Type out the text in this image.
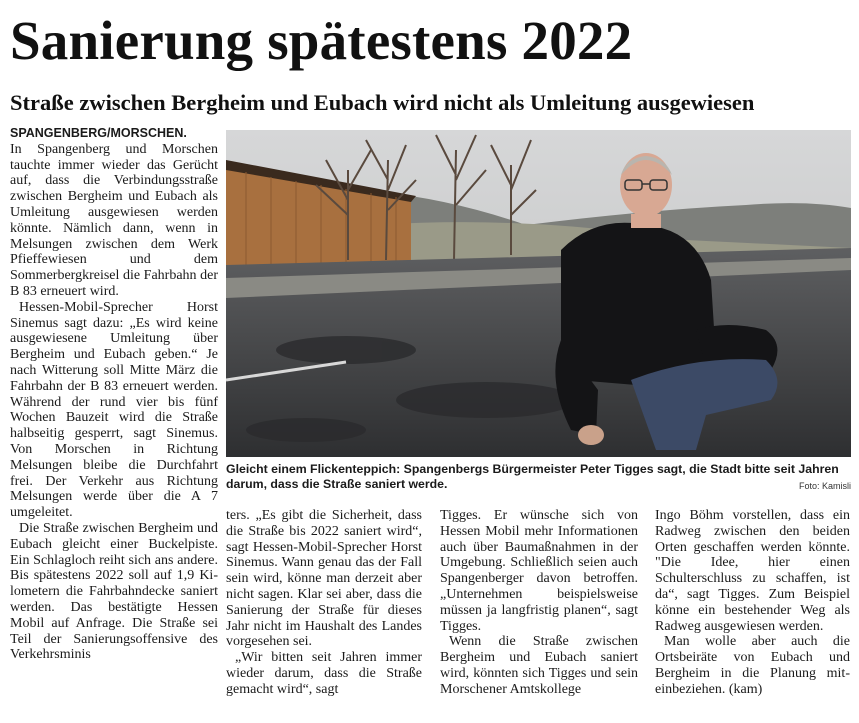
Sanierung spätestens 2022
Straße zwischen Bergheim und Eubach wird nicht als Umleitung ausgewiesen

SPANGENBERG/MORSCHEN.
In Spangenberg und Morschen tauchte immer wieder das Gerücht auf, dass die Verbindungsstraße zwischen Bergheim und Eubach als Umleitung ausgewiesen werden könnte. Nämlich dann, wenn in Melsungen zwischen dem Werk Pfieffewiesen und dem Sommerbergkreisel die Fahrbahn der B 83 erneuert wird.

Hessen-Mobil-Sprecher Horst Sinemus sagt dazu: „Es wird keine ausgewiesene Umleitung über Bergheim und Eubach geben.“ Je nach Witterung soll Mitte März die Fahrbahn der B 83 erneuert werden. Während der rund vier bis fünf Wochen Bauzeit wird die Straße halbseitig gesperrt, sagt Sinemus. Von Morschen in Richtung Melsungen bleibe die Durchfahrt frei. Der Verkehr aus Richtung Melsungen werde über die A 7 umgeleitet.

Die Straße zwischen Bergheim und Eubach gleicht einer Buckelpiste. Ein Schlagloch reiht sich ans andere. Bis spätestens 2022 soll auf 1,9 Kilometern die Fahrbahndecke saniert werden. Das bestätigte Hessen Mobil auf Anfrage. Die Straße sei Teil der Sanierungsoffensive des Verkehrsminis

Gleicht einem Flickenteppich: Spangenbergs Bürgermeister Peter Tigges sagt, die Stadt bitte seit Jahren darum, dass die Straße saniert werde.	Foto: Kamisli

ters. „Es gibt die Sicherheit, dass die Straße bis 2022 saniert wird“, sagt Hessen-Mobil-Sprecher Horst Sinemus. Wann genau das der Fall sein wird, könne man derzeit aber nicht sagen. Klar sei aber, dass die Sanierung der Straße für dieses Jahr nicht im Haushalt des Landes vorgesehen sei.

„Wir bitten seit Jahren immer wieder darum, dass die Straße gemacht wird“, sagt

Tigges. Er wünsche sich von Hessen Mobil mehr Informationen auch über Baumaßnahmen in der Umgebung. Schließlich seien auch Spangenberger davon betroffen. „Unternehmen beispielsweise müssen ja langfristig planen“, sagt Tigges.

Wenn die Straße zwischen Bergheim und Eubach saniert wird, könnten sich Tigges und sein Morschener Amtskollege

Ingo Böhm vorstellen, dass ein Radweg zwischen den beiden Orten geschaffen werden könnte. "Die Idee, hier einen Schulterschluss zu schaffen, ist da“, sagt Tigges. Zum Beispiel könne ein bestehender Weg als Radweg ausgewiesen werden.

Man wolle aber auch die Ortsbeiräte von Eubach und Bergheim in die Planung miteinbeziehen. (kam)
